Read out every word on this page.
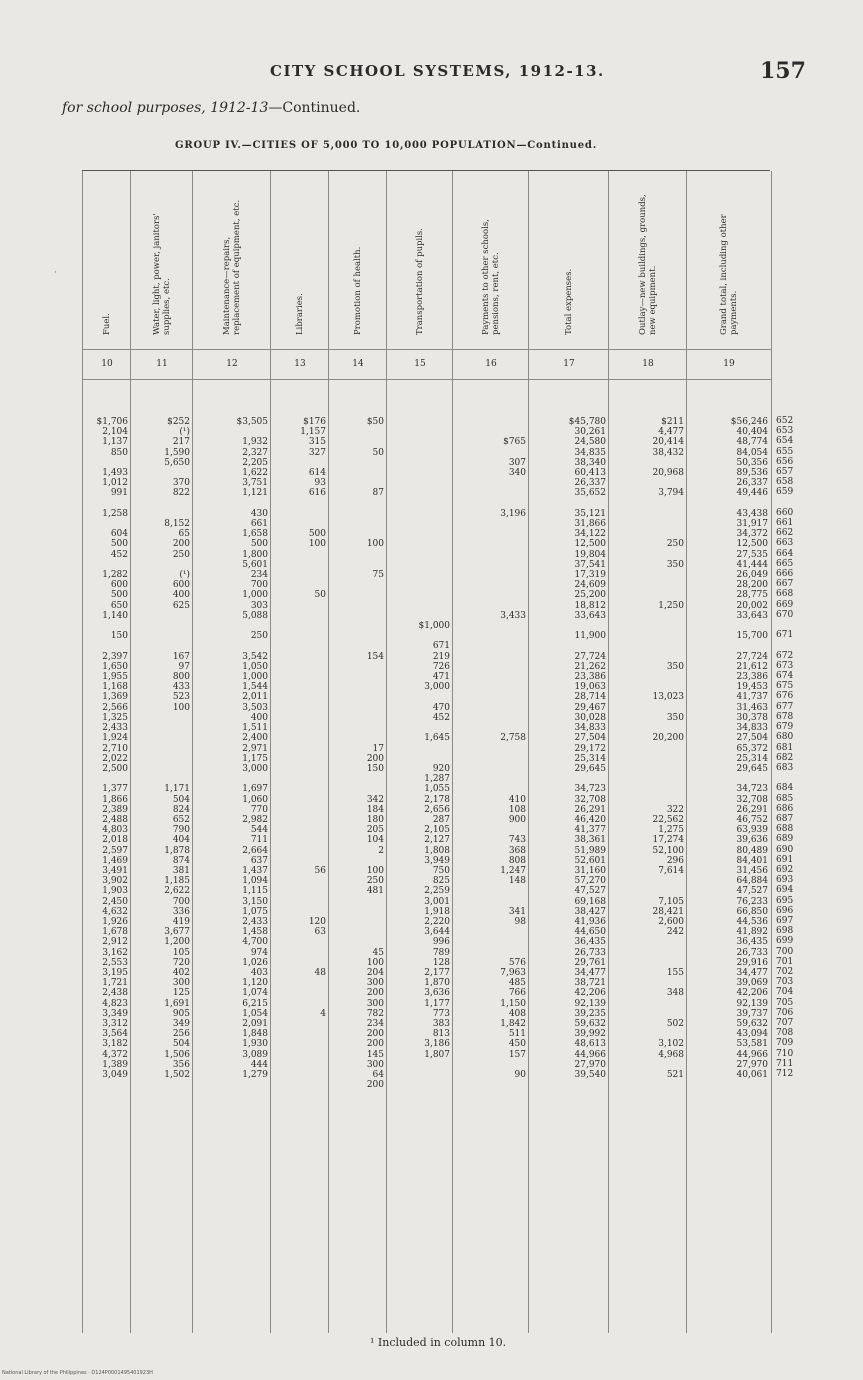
CITY SCHOOL SYSTEMS, 1912-13.	157
for school purposes, 1912-13—Continued.
GROUP IV.—CITIES OF 5,000 TO 10,000 POPULATION—Continued.
·
Fuel.
10
$1,706
2,104
1,137
850

1,493
1,012
991

1,258

604
500
452

1,282
600
500
650
1,140

150

2,397
1,650
1,955
1,168
1,369
2,566
1,325
2,433
1,924
2,710
2,022
2,500

1,377
1,866
2,389
2,488
4,803
2,018
2,597
1,469
3,491
3,902
1,903
2,450
4,632
1,926
1,678
2,912
3,162
2,553
3,195
1,721
2,438
4,823
3,349
3,312
3,564
3,182
4,372
1,389
3,049
Water, light, power, janitors' supplies, etc.
11
$252
(¹)
217
1,590
5,650

370
822

8,152
65
200
250

(¹)
600
400
625

167
97
800
433
523
100

1,171
504
824
652
790
404
1,878
874
381
1,185
2,622
700
336
419
3,677
1,200
105
720
402
300
125
1,691
905
349
256
504
1,506
356
1,502
Maintenance—repairs, replacement of equipment, etc.
12
$3,505

1,932
2,327
2,205
1,622
3,751
1,121

430
661
1,658
500
1,800
5,601
234
700
1,000
303
5,088

250

3,542
1,050
1,000
1,544
2,011
3,503
400
1,511
2,400
2,971
1,175
3,000

1,697
1,060
770
2,982
544
711
2,664
637
1,437
1,094
1,115
3,150
1,075
2,433
1,458
4,700
974
1,026
403
1,120
1,074
6,215
1,054
2,091
1,848
1,930
3,089
444
1,279
Libraries.
13
$176
1,157
315
327

614
93
616

500
100

50

56

120
63

48

4

Promotion of health.
14
$50

50

87

100

75

154

17
200
150

342
184
180
205
104
2

100
250
481

45
100
204
300
200
300
782
234
200
200
145
300
64
200
Transportation of pupils.
15

$1,000

671
219
726
471
3,000

470
452

1,645

920
1,287
1,055
2,178
2,656
287
2,105
2,127
1,808
3,949
750
825
2,259
3,001
1,918
2,220
3,644
996
789
128
2,177
1,870
3,636
1,177
773
383
813
3,186
1,807
Payments to other schools, pensions, rent, etc.
16

$765

307
340

3,196

3,433

2,758

410
108
900

743
368
808
1,247
148

341
98

576
7,963
485
766
1,150
408
1,842
511
450
157

90
Total expenses.
17
$45,780
30,261
24,580
34,835
38,340
60,413
26,337
35,652

35,121
31,866
34,122
12,500
19,804
37,541
17,319
24,609
25,200
18,812
33,643

11,900

27,724
21,262
23,386
19,063
28,714
29,467
30,028
34,833
27,504
29,172
25,314
29,645

34,723
32,708
26,291
46,420
41,377
38,361
51,989
52,601
31,160
57,270
47,527
69,168
38,427
41,936
44,650
36,435
26,733
29,761
34,477
38,721
42,206
92,139
39,235
59,632
39,992
48,613
44,966
27,970
39,540
Outlay—new buildings, grounds, new equipment.
18
$211
4,477
20,414
38,432

20,968

3,794

250

350

1,250

350

13,023

350

20,200

322
22,562
1,275
17,274
52,100
296
7,614

7,105
28,421
2,600
242

155

348

502

3,102
4,968

521
Grand total, including other payments.
19
$56,246
40,404
48,774
84,054
50,356
89,536
26,337
49,446

43,438
31,917
34,372
12,500
27,535
41,444
26,049
28,200
28,775
20,002
33,643

15,700

27,724
21,612
23,386
19,453
41,737
31,463
30,378
34,833
27,504
65,372
25,314
29,645

34,723
32,708
26,291
46,752
63,939
39,636
80,489
84,401
31,456
64,884
47,527
76,233
66,850
44,536
41,892
36,435
26,733
29,916
34,477
39,069
42,206
92,139
39,737
59,632
43,094
53,581
44,966
27,970
40,061
652
653
654
655
656
657
658
659

660
661
662
663
664
665
666
667
668
669
670

671

672
673
674
675
676
677
678
679
680
681
682
683

684
685
686
687
688
689
690
691
692
693
694
695
696
697
698
699
700
701
702
703
704
705
706
707
708
709
710
711
712
¹ Included in column 10.
National Library of the Philippines · D124P0001495401923H
